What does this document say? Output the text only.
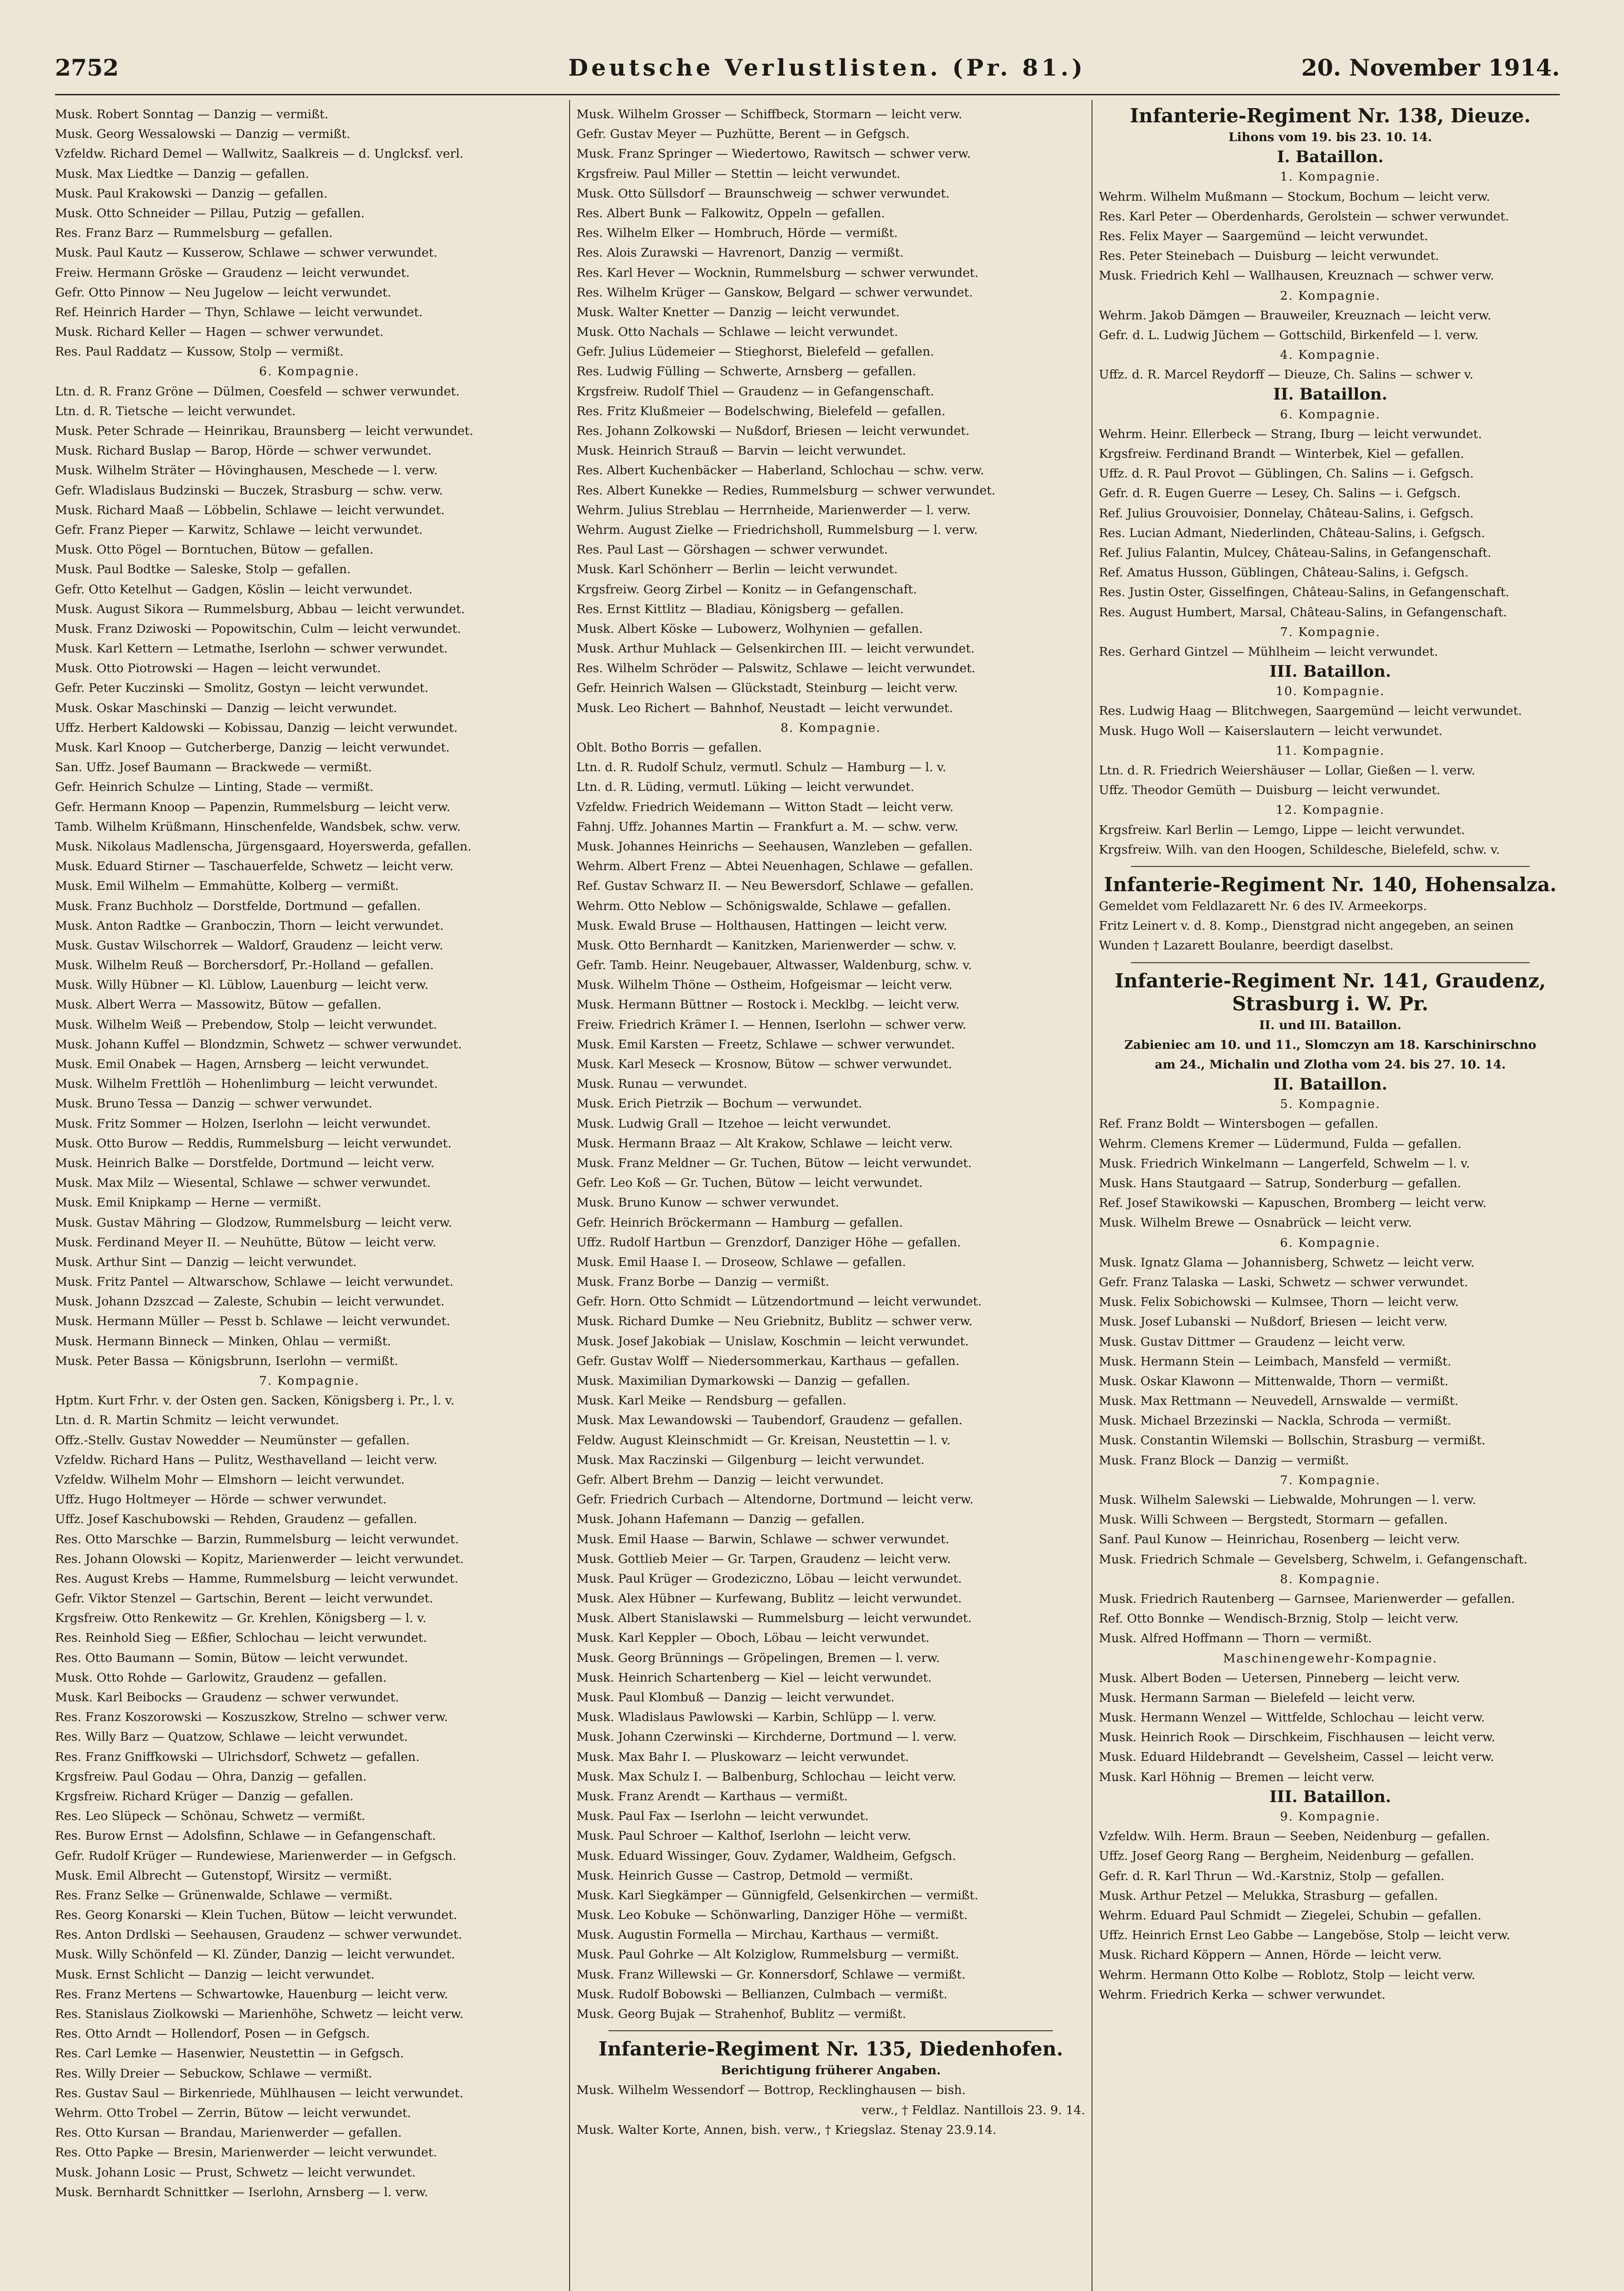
2752	Deutsche Verlustlisten. (Pr. 81.)	20. November 1914.
Musk. Robert Sonntag — Danzig — vermißt.
Musk. Georg Wessalowski — Danzig — vermißt.
Vzfeldw. Richard Demel — Wallwitz, Saalkreis — d. Unglcksf. verl.
Musk. Max Liedtke — Danzig — gefallen.
Musk. Paul Krakowski — Danzig — gefallen.
Musk. Otto Schneider — Pillau, Putzig — gefallen.
Res. Franz Barz — Rummelsburg — gefallen.
Musk. Paul Kautz — Kusserow, Schlawe — schwer verwundet.
Freiw. Hermann Gröske — Graudenz — leicht verwundet.
Gefr. Otto Pinnow — Neu Jugelow — leicht verwundet.
Ref. Heinrich Harder — Thyn, Schlawe — leicht verwundet.
Musk. Richard Keller — Hagen — schwer verwundet.
Res. Paul Raddatz — Kussow, Stolp — vermißt.
6. Kompagnie.
Ltn. d. R. Franz Gröne — Dülmen, Coesfeld — schwer verwundet.
Ltn. d. R. Tietsche — leicht verwundet.
Musk. Peter Schrade — Heinrikau, Braunsberg — leicht verwundet.
Musk. Richard Buslap — Barop, Hörde — schwer verwundet.
Musk. Wilhelm Sträter — Hövinghausen, Meschede — l. verw.
Gefr. Wladislaus Budzinski — Buczek, Strasburg — schw. verw.
Musk. Richard Maaß — Löbbelin, Schlawe — leicht verwundet.
Gefr. Franz Pieper — Karwitz, Schlawe — leicht verwundet.
Musk. Otto Pögel — Borntuchen, Bütow — gefallen.
Musk. Paul Bodtke — Saleske, Stolp — gefallen.
Gefr. Otto Ketelhut — Gadgen, Köslin — leicht verwundet.
Musk. August Sikora — Rummelsburg, Abbau — leicht verwundet.
Musk. Franz Dziwoski — Popowitschin, Culm — leicht verwundet.
Musk. Karl Kettern — Letmathe, Iserlohn — schwer verwundet.
Musk. Otto Piotrowski — Hagen — leicht verwundet.
Gefr. Peter Kuczinski — Smolitz, Gostyn — leicht verwundet.
Musk. Oskar Maschinski — Danzig — leicht verwundet.
Uffz. Herbert Kaldowski — Kobissau, Danzig — leicht verwundet.
Musk. Karl Knoop — Gutcherberge, Danzig — leicht verwundet.
San. Uffz. Josef Baumann — Brackwede — vermißt.
Gefr. Heinrich Schulze — Linting, Stade — vermißt.
Gefr. Hermann Knoop — Papenzin, Rummelsburg — leicht verw.
Tamb. Wilhelm Krüßmann, Hinschenfelde, Wandsbek, schw. verw.
Musk. Nikolaus Madlenscha, Jürgensgaard, Hoyerswerda, gefallen.
Musk. Eduard Stirner — Taschauerfelde, Schwetz — leicht verw.
Musk. Emil Wilhelm — Emmahütte, Kolberg — vermißt.
Musk. Franz Buchholz — Dorstfelde, Dortmund — gefallen.
Musk. Anton Radtke — Granboczin, Thorn — leicht verwundet.
Musk. Gustav Wilschorrek — Waldorf, Graudenz — leicht verw.
Musk. Wilhelm Reuß — Borchersdorf, Pr.-Holland — gefallen.
Musk. Willy Hübner — Kl. Lüblow, Lauenburg — leicht verw.
Musk. Albert Werra — Massowitz, Bütow — gefallen.
Musk. Wilhelm Weiß — Prebendow, Stolp — leicht verwundet.
Musk. Johann Kuffel — Blondzmin, Schwetz — schwer verwundet.
Musk. Emil Onabek — Hagen, Arnsberg — leicht verwundet.
Musk. Wilhelm Frettlöh — Hohenlimburg — leicht verwundet.
Musk. Bruno Tessa — Danzig — schwer verwundet.
Musk. Fritz Sommer — Holzen, Iserlohn — leicht verwundet.
Musk. Otto Burow — Reddis, Rummelsburg — leicht verwundet.
Musk. Heinrich Balke — Dorstfelde, Dortmund — leicht verw.
Musk. Max Milz — Wiesental, Schlawe — schwer verwundet.
Musk. Emil Knipkamp — Herne — vermißt.
Musk. Gustav Mähring — Glodzow, Rummelsburg — leicht verw.
Musk. Ferdinand Meyer II. — Neuhütte, Bütow — leicht verw.
Musk. Arthur Sint — Danzig — leicht verwundet.
Musk. Fritz Pantel — Altwarschow, Schlawe — leicht verwundet.
Musk. Johann Dzszcad — Zaleste, Schubin — leicht verwundet.
Musk. Hermann Müller — Pesst b. Schlawe — leicht verwundet.
Musk. Hermann Binneck — Minken, Ohlau — vermißt.
Musk. Peter Bassa — Königsbrunn, Iserlohn — vermißt.
7. Kompagnie.
Hptm. Kurt Frhr. v. der Osten gen. Sacken, Königsberg i. Pr., l. v.
Ltn. d. R. Martin Schmitz — leicht verwundet.
Offz.-Stellv. Gustav Nowedder — Neumünster — gefallen.
Vzfeldw. Richard Hans — Pulitz, Westhavelland — leicht verw.
Vzfeldw. Wilhelm Mohr — Elmshorn — leicht verwundet.
Uffz. Hugo Holtmeyer — Hörde — schwer verwundet.
Uffz. Josef Kaschubowski — Rehden, Graudenz — gefallen.
Res. Otto Marschke — Barzin, Rummelsburg — leicht verwundet.
Res. Johann Olowski — Kopitz, Marienwerder — leicht verwundet.
Res. August Krebs — Hamme, Rummelsburg — leicht verwundet.
Gefr. Viktor Stenzel — Gartschin, Berent — leicht verwundet.
Krgsfreiw. Otto Renkewitz — Gr. Krehlen, Königsberg — l. v.
Res. Reinhold Sieg — Eßfier, Schlochau — leicht verwundet.
Res. Otto Baumann — Somin, Bütow — leicht verwundet.
Musk. Otto Rohde — Garlowitz, Graudenz — gefallen.
Musk. Karl Beibocks — Graudenz — schwer verwundet.
Res. Franz Koszorowski — Koszuszkow, Strelno — schwer verw.
Res. Willy Barz — Quatzow, Schlawe — leicht verwundet.
Res. Franz Gniffkowski — Ulrichsdorf, Schwetz — gefallen.
Krgsfreiw. Paul Godau — Ohra, Danzig — gefallen.
Krgsfreiw. Richard Krüger — Danzig — gefallen.
Res. Leo Slüpeck — Schönau, Schwetz — vermißt.
Res. Burow Ernst — Adolsfinn, Schlawe — in Gefangenschaft.
Gefr. Rudolf Krüger — Rundewiese, Marienwerder — in Gefgsch.
Musk. Emil Albrecht — Gutenstopf, Wirsitz — vermißt.
Res. Franz Selke — Grünenwalde, Schlawe — vermißt.
Res. Georg Konarski — Klein Tuchen, Bütow — leicht verwundet.
Res. Anton Drdlski — Seehausen, Graudenz — schwer verwundet.
Musk. Willy Schönfeld — Kl. Zünder, Danzig — leicht verwundet.
Musk. Ernst Schlicht — Danzig — leicht verwundet.
Res. Franz Mertens — Schwartowke, Hauenburg — leicht verw.
Res. Stanislaus Ziolkowski — Marienhöhe, Schwetz — leicht verw.
Res. Otto Arndt — Hollendorf, Posen — in Gefgsch.
Res. Carl Lemke — Hasenwier, Neustettin — in Gefgsch.
Res. Willy Dreier — Sebuckow, Schlawe — vermißt.
Res. Gustav Saul — Birkenriede, Mühlhausen — leicht verwundet.
Wehrm. Otto Trobel — Zerrin, Bütow — leicht verwundet.
Res. Otto Kursan — Brandau, Marienwerder — gefallen.
Res. Otto Papke — Bresin, Marienwerder — leicht verwundet.
Musk. Johann Losic — Prust, Schwetz — leicht verwundet.
Musk. Bernhardt Schnittker — Iserlohn, Arnsberg — l. verw.
Musk. Wilhelm Grosser — Schiffbeck, Stormarn — leicht verw.
Gefr. Gustav Meyer — Puzhütte, Berent — in Gefgsch.
Musk. Franz Springer — Wiedertowo, Rawitsch — schwer verw.
Krgsfreiw. Paul Miller — Stettin — leicht verwundet.
Musk. Otto Süllsdorf — Braunschweig — schwer verwundet.
Res. Albert Bunk — Falkowitz, Oppeln — gefallen.
Res. Wilhelm Elker — Hombruch, Hörde — vermißt.
Res. Alois Zurawski — Havrenort, Danzig — vermißt.
Res. Karl Hever — Wocknin, Rummelsburg — schwer verwundet.
Res. Wilhelm Krüger — Ganskow, Belgard — schwer verwundet.
Musk. Walter Knetter — Danzig — leicht verwundet.
Musk. Otto Nachals — Schlawe — leicht verwundet.
Gefr. Julius Lüdemeier — Stieghorst, Bielefeld — gefallen.
Res. Ludwig Fülling — Schwerte, Arnsberg — gefallen.
Krgsfreiw. Rudolf Thiel — Graudenz — in Gefangenschaft.
Res. Fritz Klußmeier — Bodelschwing, Bielefeld — gefallen.
Res. Johann Zolkowski — Nußdorf, Briesen — leicht verwundet.
Musk. Heinrich Strauß — Barvin — leicht verwundet.
Res. Albert Kuchenbäcker — Haberland, Schlochau — schw. verw.
Res. Albert Kunekke — Redies, Rummelsburg — schwer verwundet.
Wehrm. Julius Streblau — Herrnheide, Marienwerder — l. verw.
Wehrm. August Zielke — Friedrichsholl, Rummelsburg — l. verw.
Res. Paul Last — Görshagen — schwer verwundet.
Musk. Karl Schönherr — Berlin — leicht verwundet.
Krgsfreiw. Georg Zirbel — Konitz — in Gefangenschaft.
Res. Ernst Kittlitz — Bladiau, Königsberg — gefallen.
Musk. Albert Köske — Lubowerz, Wolhynien — gefallen.
Musk. Arthur Muhlack — Gelsenkirchen III. — leicht verwundet.
Res. Wilhelm Schröder — Palswitz, Schlawe — leicht verwundet.
Gefr. Heinrich Walsen — Glückstadt, Steinburg — leicht verw.
Musk. Leo Richert — Bahnhof, Neustadt — leicht verwundet.
8. Kompagnie.
Oblt. Botho Borris — gefallen.
Ltn. d. R. Rudolf Schulz, vermutl. Schulz — Hamburg — l. v.
Ltn. d. R. Lüding, vermutl. Lüking — leicht verwundet.
Vzfeldw. Friedrich Weidemann — Witton Stadt — leicht verw.
Fahnj. Uffz. Johannes Martin — Frankfurt a. M. — schw. verw.
Musk. Johannes Heinrichs — Seehausen, Wanzleben — gefallen.
Wehrm. Albert Frenz — Abtei Neuenhagen, Schlawe — gefallen.
Ref. Gustav Schwarz II. — Neu Bewersdorf, Schlawe — gefallen.
Wehrm. Otto Neblow — Schönigswalde, Schlawe — gefallen.
Musk. Ewald Bruse — Holthausen, Hattingen — leicht verw.
Musk. Otto Bernhardt — Kanitzken, Marienwerder — schw. v.
Gefr. Tamb. Heinr. Neugebauer, Altwasser, Waldenburg, schw. v.
Musk. Wilhelm Thöne — Ostheim, Hofgeismar — leicht verw.
Musk. Hermann Büttner — Rostock i. Mecklbg. — leicht verw.
Freiw. Friedrich Krämer I. — Hennen, Iserlohn — schwer verw.
Musk. Emil Karsten — Freetz, Schlawe — schwer verwundet.
Musk. Karl Meseck — Krosnow, Bütow — schwer verwundet.
Musk. Runau — verwundet.
Musk. Erich Pietrzik — Bochum — verwundet.
Musk. Ludwig Grall — Itzehoe — leicht verwundet.
Musk. Hermann Braaz — Alt Krakow, Schlawe — leicht verw.
Musk. Franz Meldner — Gr. Tuchen, Bütow — leicht verwundet.
Gefr. Leo Koß — Gr. Tuchen, Bütow — leicht verwundet.
Musk. Bruno Kunow — schwer verwundet.
Gefr. Heinrich Bröckermann — Hamburg — gefallen.
Uffz. Rudolf Hartbun — Grenzdorf, Danziger Höhe — gefallen.
Musk. Emil Haase I. — Droseow, Schlawe — gefallen.
Musk. Franz Borbe — Danzig — vermißt.
Gefr. Horn. Otto Schmidt — Lützendortmund — leicht verwundet.
Musk. Richard Dumke — Neu Griebnitz, Bublitz — schwer verw.
Musk. Josef Jakobiak — Unislaw, Koschmin — leicht verwundet.
Gefr. Gustav Wolff — Niedersommerkau, Karthaus — gefallen.
Musk. Maximilian Dymarkowski — Danzig — gefallen.
Musk. Karl Meike — Rendsburg — gefallen.
Musk. Max Lewandowski — Taubendorf, Graudenz — gefallen.
Feldw. August Kleinschmidt — Gr. Kreisan, Neustettin — l. v.
Musk. Max Raczinski — Gilgenburg — leicht verwundet.
Gefr. Albert Brehm — Danzig — leicht verwundet.
Gefr. Friedrich Curbach — Altendorne, Dortmund — leicht verw.
Musk. Johann Hafemann — Danzig — gefallen.
Musk. Emil Haase — Barwin, Schlawe — schwer verwundet.
Musk. Gottlieb Meier — Gr. Tarpen, Graudenz — leicht verw.
Musk. Paul Krüger — Grodeziczno, Löbau — leicht verwundet.
Musk. Alex Hübner — Kurfewang, Bublitz — leicht verwundet.
Musk. Albert Stanislawski — Rummelsburg — leicht verwundet.
Musk. Karl Keppler — Oboch, Löbau — leicht verwundet.
Musk. Georg Brünnings — Gröpelingen, Bremen — l. verw.
Musk. Heinrich Schartenberg — Kiel — leicht verwundet.
Musk. Paul Klombuß — Danzig — leicht verwundet.
Musk. Wladislaus Pawlowski — Karbin, Schlüpp — l. verw.
Musk. Johann Czerwinski — Kirchderne, Dortmund — l. verw.
Musk. Max Bahr I. — Pluskowarz — leicht verwundet.
Musk. Max Schulz I. — Balbenburg, Schlochau — leicht verw.
Musk. Franz Arendt — Karthaus — vermißt.
Musk. Paul Fax — Iserlohn — leicht verwundet.
Musk. Paul Schroer — Kalthof, Iserlohn — leicht verw.
Musk. Eduard Wissinger, Gouv. Zydamer, Waldheim, Gefgsch.
Musk. Heinrich Gusse — Castrop, Detmold — vermißt.
Musk. Karl Siegkämper — Günnigfeld, Gelsenkirchen — vermißt.
Musk. Leo Kobuke — Schönwarling, Danziger Höhe — vermißt.
Musk. Augustin Formella — Mirchau, Karthaus — vermißt.
Musk. Paul Gohrke — Alt Kolziglow, Rummelsburg — vermißt.
Musk. Franz Willewski — Gr. Konnersdorf, Schlawe — vermißt.
Musk. Rudolf Bobowski — Bellianzen, Culmbach — vermißt.
Musk. Georg Bujak — Strahenhof, Bublitz — vermißt.
Infanterie-Regiment Nr. 135, Diedenhofen.
Berichtigung früherer Angaben.
Musk. Wilhelm Wessendorf — Bottrop, Recklinghausen — bish.
verw., † Feldlaz. Nantillois 23. 9. 14.
Musk. Walter Korte, Annen, bish. verw., † Kriegslaz. Stenay 23.9.14.
Infanterie-Regiment Nr. 138, Dieuze.
Lihons vom 19. bis 23. 10. 14.
I. Bataillon.
1. Kompagnie.
Wehrm. Wilhelm Mußmann — Stockum, Bochum — leicht verw.
Res. Karl Peter — Oberdenhards, Gerolstein — schwer verwundet.
Res. Felix Mayer — Saargemünd — leicht verwundet.
Res. Peter Steinebach — Duisburg — leicht verwundet.
Musk. Friedrich Kehl — Wallhausen, Kreuznach — schwer verw.
2. Kompagnie.
Wehrm. Jakob Dämgen — Brauweiler, Kreuznach — leicht verw.
Gefr. d. L. Ludwig Jüchem — Gottschild, Birkenfeld — l. verw.
4. Kompagnie.
Uffz. d. R. Marcel Reydorff — Dieuze, Ch. Salins — schwer v.
II. Bataillon.
6. Kompagnie.
Wehrm. Heinr. Ellerbeck — Strang, Iburg — leicht verwundet.
Krgsfreiw. Ferdinand Brandt — Winterbek, Kiel — gefallen.
Uffz. d. R. Paul Provot — Güblingen, Ch. Salins — i. Gefgsch.
Gefr. d. R. Eugen Guerre — Lesey, Ch. Salins — i. Gefgsch.
Ref. Julius Grouvoisier, Donnelay, Château-Salins, i. Gefgsch.
Res. Lucian Admant, Niederlinden, Château-Salins, i. Gefgsch.
Ref. Julius Falantin, Mulcey, Château-Salins, in Gefangenschaft.
Ref. Amatus Husson, Güblingen, Château-Salins, i. Gefgsch.
Res. Justin Oster, Gisselfingen, Château-Salins, in Gefangenschaft.
Res. August Humbert, Marsal, Château-Salins, in Gefangenschaft.
7. Kompagnie.
Res. Gerhard Gintzel — Mühlheim — leicht verwundet.
III. Bataillon.
10. Kompagnie.
Res. Ludwig Haag — Blitchwegen, Saargemünd — leicht verwundet.
Musk. Hugo Woll — Kaiserslautern — leicht verwundet.
11. Kompagnie.
Ltn. d. R. Friedrich Weiershäuser — Lollar, Gießen — l. verw.
Uffz. Theodor Gemüth — Duisburg — leicht verwundet.
12. Kompagnie.
Krgsfreiw. Karl Berlin — Lemgo, Lippe — leicht verwundet.
Krgsfreiw. Wilh. van den Hoogen, Schildesche, Bielefeld, schw. v.
Infanterie-Regiment Nr. 140, Hohensalza.
Gemeldet vom Feldlazarett Nr. 6 des IV. Armeekorps.
Fritz Leinert v. d. 8. Komp., Dienstgrad nicht angegeben, an seinen
Wunden † Lazarett Boulanre, beerdigt daselbst.
Infanterie-Regiment Nr. 141, Graudenz,
Strasburg i. W. Pr.
II. und III. Bataillon.
Zabieniec am 10. und 11., Slomczyn am 18. Karschinirschno
am 24., Michalin und Zlotha vom 24. bis 27. 10. 14.
II. Bataillon.
5. Kompagnie.
Ref. Franz Boldt — Wintersbogen — gefallen.
Wehrm. Clemens Kremer — Lüdermund, Fulda — gefallen.
Musk. Friedrich Winkelmann — Langerfeld, Schwelm — l. v.
Musk. Hans Stautgaard — Satrup, Sonderburg — gefallen.
Ref. Josef Stawikowski — Kapuschen, Bromberg — leicht verw.
Musk. Wilhelm Brewe — Osnabrück — leicht verw.
6. Kompagnie.
Musk. Ignatz Glama — Johannisberg, Schwetz — leicht verw.
Gefr. Franz Talaska — Laski, Schwetz — schwer verwundet.
Musk. Felix Sobichowski — Kulmsee, Thorn — leicht verw.
Musk. Josef Lubanski — Nußdorf, Briesen — leicht verw.
Musk. Gustav Dittmer — Graudenz — leicht verw.
Musk. Hermann Stein — Leimbach, Mansfeld — vermißt.
Musk. Oskar Klawonn — Mittenwalde, Thorn — vermißt.
Musk. Max Rettmann — Neuvedell, Arnswalde — vermißt.
Musk. Michael Brzezinski — Nackla, Schroda — vermißt.
Musk. Constantin Wilemski — Bollschin, Strasburg — vermißt.
Musk. Franz Block — Danzig — vermißt.
7. Kompagnie.
Musk. Wilhelm Salewski — Liebwalde, Mohrungen — l. verw.
Musk. Willi Schween — Bergstedt, Stormarn — gefallen.
Sanf. Paul Kunow — Heinrichau, Rosenberg — leicht verw.
Musk. Friedrich Schmale — Gevelsberg, Schwelm, i. Gefangenschaft.
8. Kompagnie.
Musk. Friedrich Rautenberg — Garnsee, Marienwerder — gefallen.
Ref. Otto Bonnke — Wendisch-Brznig, Stolp — leicht verw.
Musk. Alfred Hoffmann — Thorn — vermißt.
Maschinengewehr-Kompagnie.
Musk. Albert Boden — Uetersen, Pinneberg — leicht verw.
Musk. Hermann Sarman — Bielefeld — leicht verw.
Musk. Hermann Wenzel — Wittfelde, Schlochau — leicht verw.
Musk. Heinrich Rook — Dirschkeim, Fischhausen — leicht verw.
Musk. Eduard Hildebrandt — Gevelsheim, Cassel — leicht verw.
Musk. Karl Höhnig — Bremen — leicht verw.
III. Bataillon.
9. Kompagnie.
Vzfeldw. Wilh. Herm. Braun — Seeben, Neidenburg — gefallen.
Uffz. Josef Georg Rang — Bergheim, Neidenburg — gefallen.
Gefr. d. R. Karl Thrun — Wd.-Karstniz, Stolp — gefallen.
Musk. Arthur Petzel — Melukka, Strasburg — gefallen.
Wehrm. Eduard Paul Schmidt — Ziegelei, Schubin — gefallen.
Uffz. Heinrich Ernst Leo Gabbe — Langeböse, Stolp — leicht verw.
Musk. Richard Köppern — Annen, Hörde — leicht verw.
Wehrm. Hermann Otto Kolbe — Roblotz, Stolp — leicht verw.
Wehrm. Friedrich Kerka — schwer verwundet.
